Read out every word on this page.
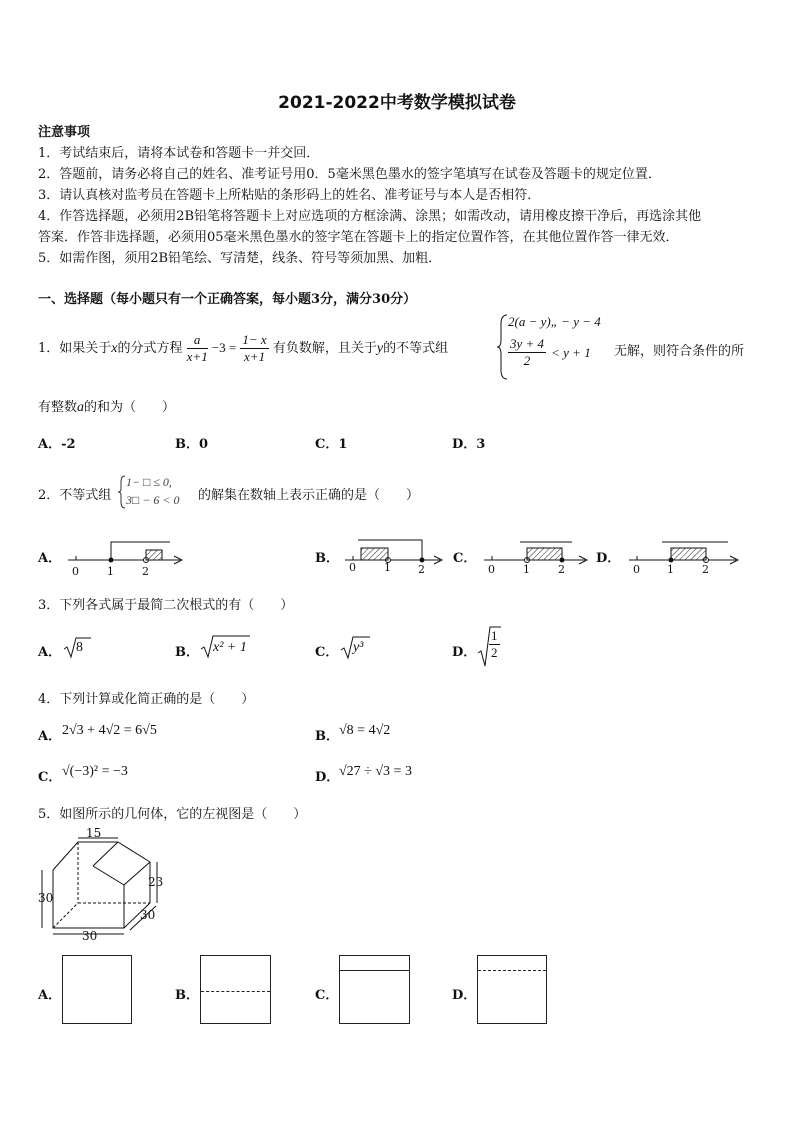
2021-2022中考数学模拟试卷
注意事项
1．考试结束后，请将本试卷和答题卡一并交回．
2．答题前，请务必将自己的姓名、准考证号用0．5毫米黑色墨水的签字笔填写在试卷及答题卡的规定位置．
3．请认真核对监考员在答题卡上所粘贴的条形码上的姓名、准考证号与本人是否相符．
4．作答选择题，必须用2B铅笔将答题卡上对应选项的方框涂满、涂黑；如需改动，请用橡皮擦干净后，再选涂其他
答案．作答非选择题，必须用05毫米黑色墨水的签字笔在答题卡上的指定位置作答，在其他位置作答一律无效．
5．如需作图，须用2B铅笔绘、写清楚，线条、符号等须加黑、加粗．
一、选择题（每小题只有一个正确答案，每小题3分，满分30分）
1．如果关于x的分式方程 $\frac{a}{x+1} -3 = \frac{1- x}{x+1}$ 有负数解，且关于y的不等式组
2(a − y)„ − y − 4
$\frac{3y + 4}{2} < y + 1$ 无解，则符合条件的所
有整数a的和为（　　）
A．-2	B．0	C．1	D．3
2．不等式组
1− □ ≤ 0,
3□ − 6 < 0 的解集在数轴上表示正确的是（　　）
A．	B．	C．	D．
0	1	2	0	1 2	0	1	2	0 1	2
3．下列各式属于最简二次根式的有（　　）
A． 8	B． x² + 1	C． y³	D． $\frac{1}{2}$
4．下列计算或化简正确的是（　　）
A． 2√3 + 4√2 = 6√5	B． √8 = 4√2
C． √(−3)² = −3	D． √27 ÷ √3 = 3
5．如图所示的几何体，它的左视图是（　　）
15
23
30
30
30
A．	B．	C．	D．
